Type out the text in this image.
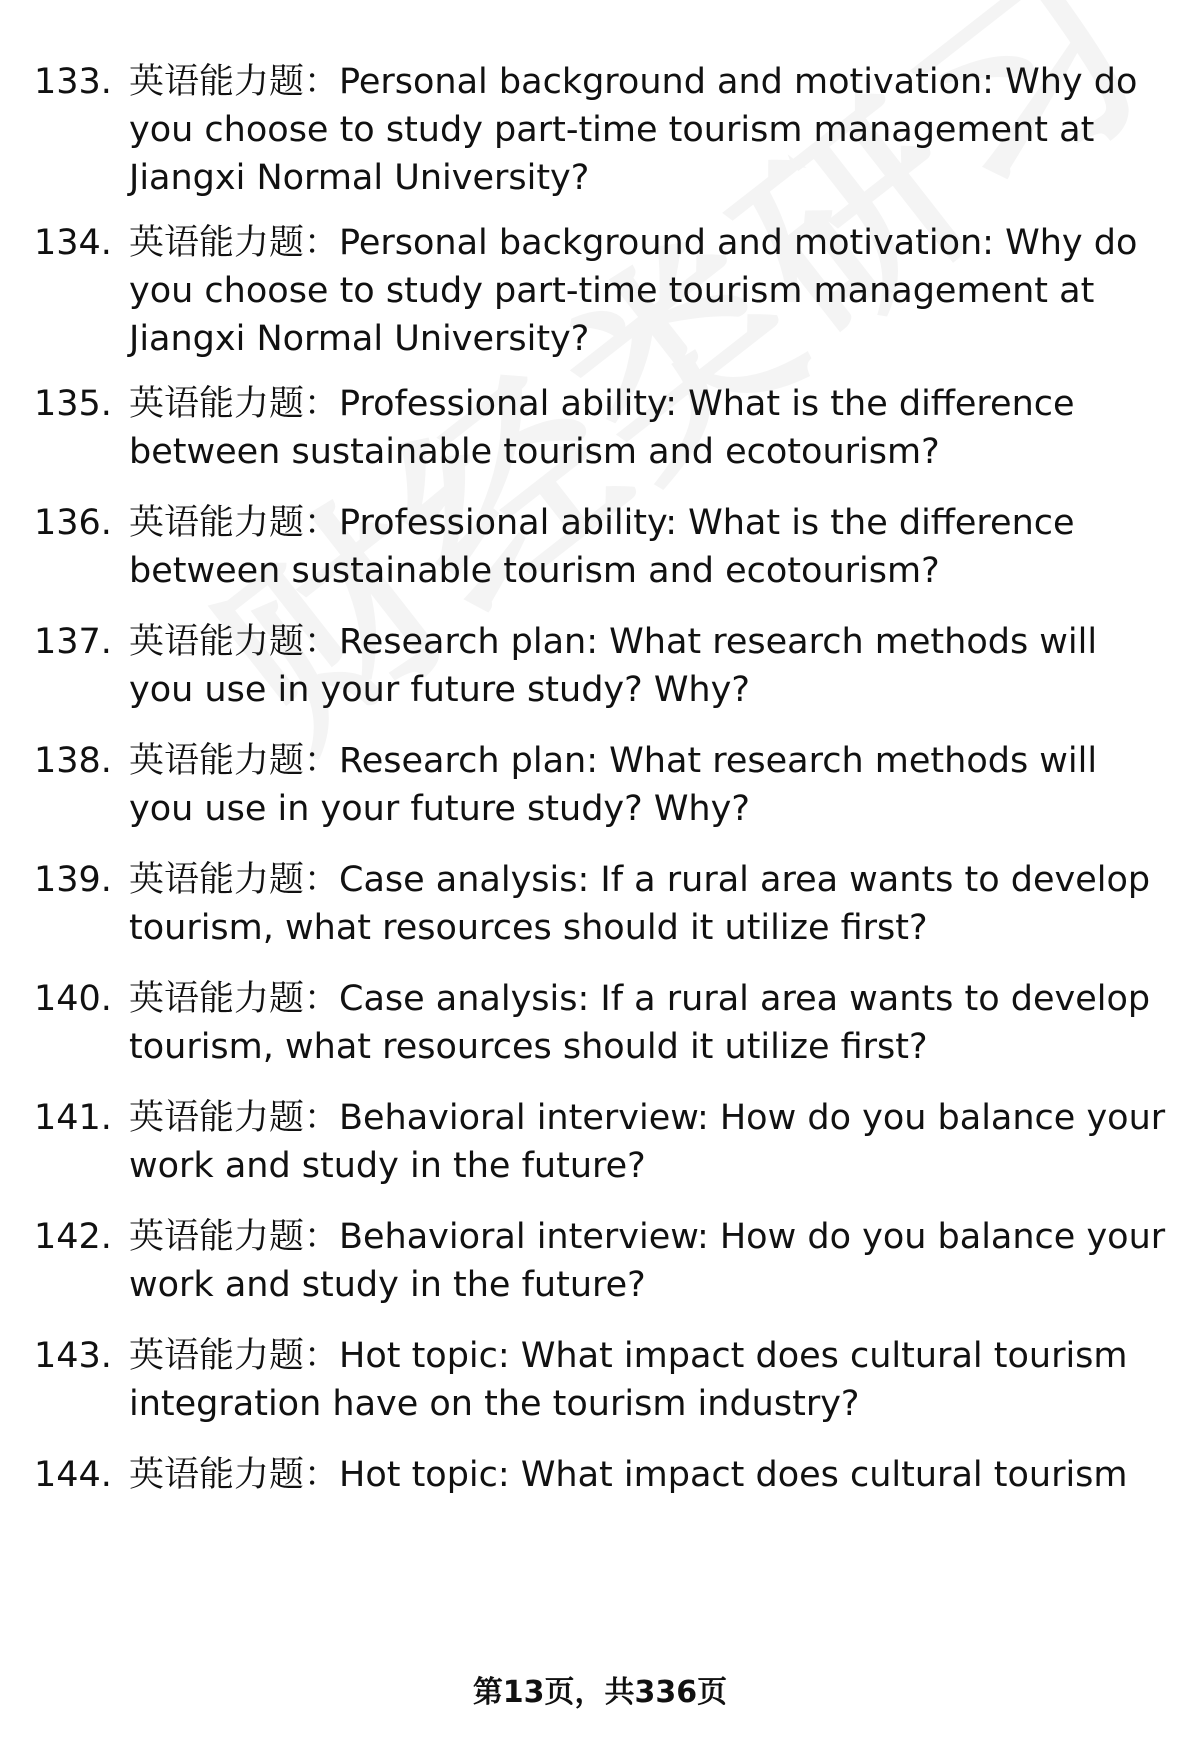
133. 英语能力题：Personal background and motivation: Why do you choose to study part-time tourism management at Jiangxi Normal University?
134. 英语能力题：Personal background and motivation: Why do you choose to study part-time tourism management at Jiangxi Normal University?
135. 英语能力题：Professional ability: What is the difference between sustainable tourism and ecotourism?
136. 英语能力题：Professional ability: What is the difference between sustainable tourism and ecotourism?
137. 英语能力题：Research plan: What research methods will you use in your future study? Why?
138. 英语能力题：Research plan: What research methods will you use in your future study? Why?
139. 英语能力题：Case analysis: If a rural area wants to develop tourism, what resources should it utilize first?
140. 英语能力题：Case analysis: If a rural area wants to develop tourism, what resources should it utilize first?
141. 英语能力题：Behavioral interview: How do you balance your work and study in the future?
142. 英语能力题：Behavioral interview: How do you balance your work and study in the future?
143. 英语能力题：Hot topic: What impact does cultural tourism integration have on the tourism industry?
144. 英语能力题：Hot topic: What impact does cultural tourism
第13页，共336页
